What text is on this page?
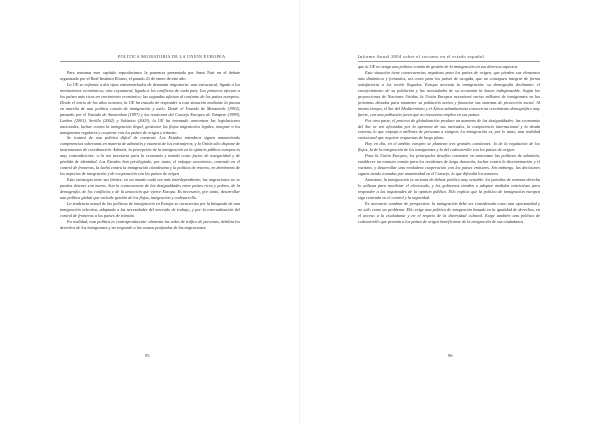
POLITICA MIGRATORIA DE LA UNION EUROPEA

Para terminar este capítulo reproducimos la ponencia presentada por Sami Naïr en el debate organizado por el Real Instituto Elcano, el pasado 21 de enero de este año.

La UE se enfrenta a dos tipos entremezclados de demanda migratoria: una estructural, ligada a los movimientos económicos, otra coyuntural, ligada a los conflictos de cada país. Los primeros afectan a los países más ricos en crecimiento económico; las segundas afectan al conjunto de los países europeos. Desde el inicio de los años noventa, la UE ha tratado de responder a esta situación mediante la puesta en marcha de una política común de inmigración y asilo. Desde el Tratado de Maastricht (1992), pasando por el Tratado de Amsterdam (1997) y las reuniones del Consejo Europeo de Tampere (1999), Laeken (2001), Sevilla (2002) y Salónica (2003), la UE ha intentado armonizar las legislaciones nacionales, luchar contra la inmigración ilegal, gestionar los flujos migratorios legales, integrar a los inmigrantes regulares y cooperar con los países de origen y tránsito.

Se tratará de una política difícil de construir. Los Estados miembros siguen manteniendo competencias soberanas en materia de admisión y estancia de los extranjeros, y la Unión sólo dispone de instrumentos de coordinación. Además, la percepción de la inmigración en la opinión pública europea es muy contradictoria: a la vez necesaria para la economía y temida como factor de inseguridad y de pérdida de identidad. Los Estados han privilegiado, por tanto, el enfoque securitario, centrado en el control de fronteras, la lucha contra la inmigración clandestina y la política de retorno, en detrimento de los aspectos de integración y de cooperación con los países de origen.

Esta estrategia tiene sus límites: en un mundo cada vez más interdependiente, las migraciones no se pueden detener con muros. Son la consecuencia de las desigualdades entre países ricos y pobres, de la demografía, de los conflictos y de la atracción que ejerce Europa. Es necesario, por tanto, desarrollar una política global que articule gestión de los flujos, integración y codesarrollo.

La tendencia actual de las políticas de inmigración en Europa se caracteriza por la búsqueda de una inmigración selectiva, adaptada a las necesidades del mercado de trabajo, y por la externalización del control de fronteras a los países de tránsito.

En realidad, esta política es contraproducente: alimenta las redes de tráfico de personas, debilita los derechos de los inmigrantes y no responde a las causas profundas de las migraciones.

95
Informe Anual 2004 sobre el racismo en el estado español

que la UE no tenga una política común de gestión de la inmigración en sus diversos aspectos.

Esta situación tiene consecuencias negativas para los países de origen, que pierden sus elementos más dinámicos y formados, así como para los países de acogida, que no consiguen integrar de forma satisfactoria a los recién llegados. Europa necesita la inmigración: su demografía declinante, el envejecimiento de su población y las necesidades de su economía la hacen indispensable. Según las proyecciones de Naciones Unidas, la Unión Europea necesitará varios millones de inmigrantes en las próximas décadas para mantener su población activa y financiar sus sistemas de protección social. Al mismo tiempo, el Sur del Mediterráneo y el África subsahariana conocen un crecimiento demográfico muy fuerte, con una población joven que no encuentra empleo en sus países.

Por otra parte, el proceso de globalización produce un aumento de las desigualdades: las economías del Sur se ven afectadas por la apertura de sus mercados, la competencia internacional y la deuda externa, lo que empuja a millones de personas a emigrar. La inmigración es, por lo tanto, una realidad estructural que requiere respuestas de largo plazo.

Hoy en día, en el ámbito europeo se plantean tres grandes cuestiones: la de la regulación de los flujos, la de la integración de los inmigrantes y la del codesarrollo con los países de origen.

Para la Unión Europea, los principales desafíos consisten en armonizar las políticas de admisión, establecer un estatuto común para los residentes de larga duración, luchar contra la discriminación y el racismo, y desarrollar una verdadera cooperación con los países emisores. Sin embargo, las decisiones siguen siendo tomadas por unanimidad en el Consejo, lo que dificulta los avances.

Asimismo, la inmigración es un tema de debate político muy sensible: los partidos de extrema derecha lo utilizan para movilizar el electorado, y los gobiernos tienden a adoptar medidas restrictivas para responder a las inquietudes de la opinión pública. Ello explica que la política de inmigración europea siga centrada en el control y la seguridad.

Es necesario cambiar de perspectiva: la inmigración debe ser considerada como una oportunidad y no sólo como un problema. Ello exige una política de integración basada en la igualdad de derechos, en el acceso a la ciudadanía y en el respeto de la diversidad cultural. Exige también una política de codesarrollo que permita a los países de origen beneficiarse de la emigración de sus ciudadanos.

96
